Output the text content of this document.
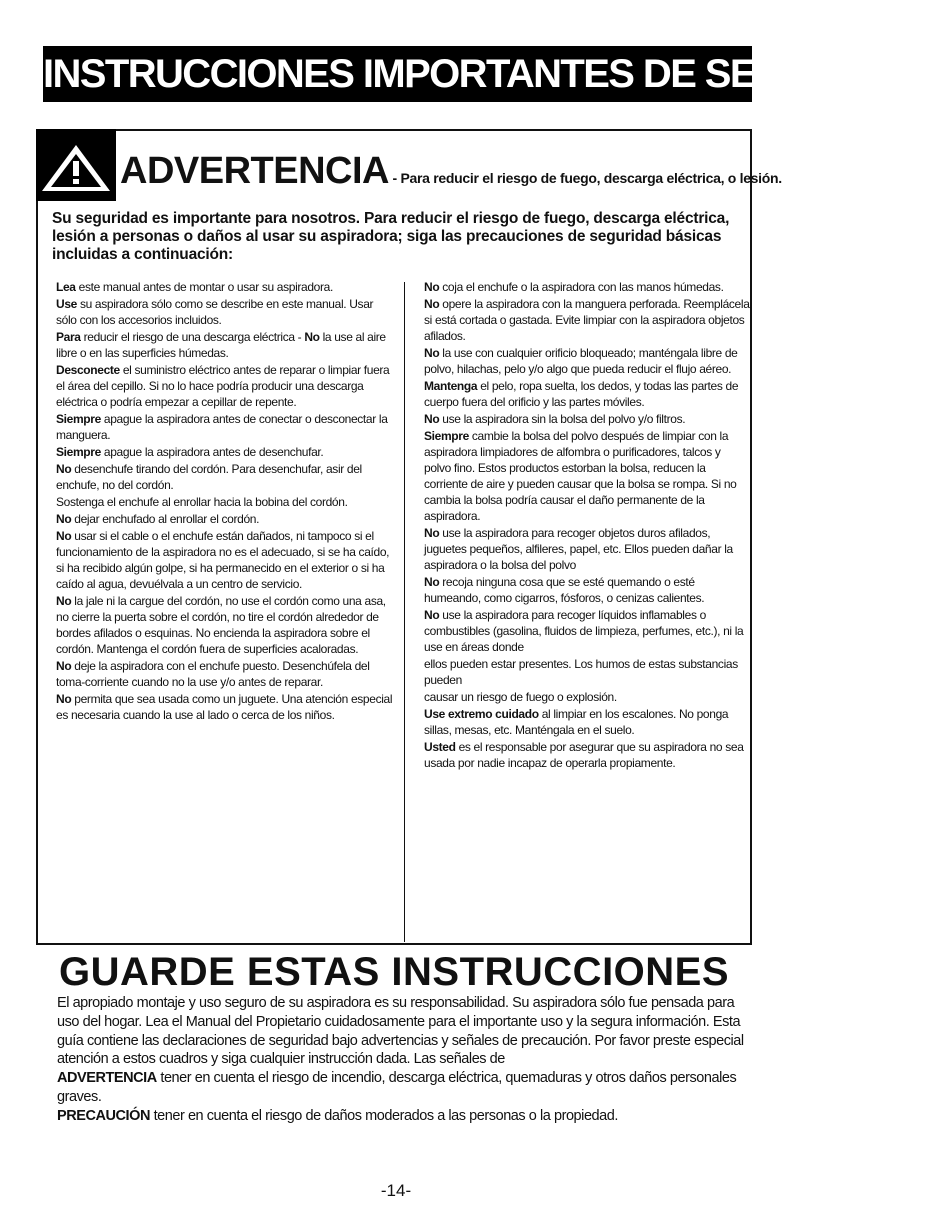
INSTRUCCIONES IMPORTANTES DE SEGURIDAD
ADVERTENCIA - Para reducir el riesgo de fuego, descarga eléctrica, o lesión.
Su seguridad es importante para nosotros. Para reducir el riesgo de fuego, descarga eléctrica, lesión a personas o daños al usar su aspiradora; siga las precauciones de seguridad básicas incluidas a continuación:

Lea este manual antes de montar o usar su aspiradora.

Use su aspiradora sólo como se describe en este manual. Usar sólo con los accesorios incluidos.

Para reducir el riesgo de una descarga eléctrica - No la use al aire libre o en las superficies húmedas.

Desconecte el suministro eléctrico antes de reparar o limpiar fuera el área del cepillo. Si no lo hace podría producir una descarga eléctrica o podría empezar a cepillar de repente.

Siempre apague la aspiradora antes de conectar o desconectar la manguera.

Siempre apague la aspiradora antes de desenchufar.

No desenchufe tirando del cordón. Para desenchufar, asir del enchufe, no del cordón.

Sostenga el enchufe al enrollar hacia la bobina del cordón.

No dejar enchufado al enrollar el cordón.

No usar si el cable o el enchufe están dañados, ni tampoco si el funcionamiento de la aspiradora no es el adecuado, si se ha caído, si ha recibido algún golpe, si ha permanecido en el exterior o si ha caído al agua, devuélvala a un centro de servicio.

No la jale ni la cargue del cordón, no use el cordón como una asa, no cierre la puerta sobre el cordón, no tire el cordón alrededor de bordes afilados o esquinas. No encienda la aspiradora sobre el cordón. Mantenga el cordón fuera de superficies acaloradas.

No deje la aspiradora con el enchufe puesto. Desenchúfela del toma-corriente cuando no la use y/o antes de reparar.

No permita que sea usada como un juguete. Una atención especial es necesaria cuando la use al lado o cerca de los niños.

No coja el enchufe o la aspiradora con las manos húmedas.

No opere la aspiradora con la manguera perforada. Reemplácela si está cortada o gastada. Evite limpiar con la aspiradora objetos afilados.

No la use con cualquier orificio bloqueado; manténgala libre de polvo, hilachas, pelo y/o algo que pueda reducir el flujo aéreo.

Mantenga el pelo, ropa suelta, los dedos, y todas las partes de cuerpo fuera del orificio y las partes móviles.

No use la aspiradora sin la bolsa del polvo y/o filtros.

Siempre cambie la bolsa del polvo después de limpiar con la aspiradora limpiadores de alfombra o purificadores, talcos y polvo fino. Estos productos estorban la bolsa, reducen la corriente de aire y pueden causar que la bolsa se rompa. Si no cambia la bolsa podría causar el daño permanente de la aspiradora.

No use la aspiradora para recoger objetos duros afilados, juguetes pequeños, alfileres, papel, etc. Ellos pueden dañar la aspiradora o la bolsa del polvo

No recoja ninguna cosa que se esté quemando o esté humeando, como cigarros, fósforos, o cenizas calientes.

No use la aspiradora para recoger líquidos inflamables o combustibles (gasolina, fluidos de limpieza, perfumes, etc.), ni la use en áreas donde

ellos pueden estar presentes. Los humos de estas substancias pueden

causar un riesgo de fuego o explosión.

Use extremo cuidado al limpiar en los escalones. No ponga sillas, mesas, etc. Manténgala en el suelo.

Usted es el responsable por asegurar que su aspiradora no sea usada por nadie incapaz de operarla propiamente.

GUARDE ESTAS INSTRUCCIONES

El apropiado montaje y uso seguro de su aspiradora es su responsabilidad. Su aspiradora sólo fue pensada para uso del hogar. Lea el Manual del Propietario cuidadosamente para el importante uso y la segura información. Esta guía contiene las declaraciones de seguridad bajo advertencias y señales de precaución. Por favor preste especial atención a estos cuadros y siga cualquier instrucción dada. Las señales de

ADVERTENCIA tener en cuenta el riesgo de incendio, descarga eléctrica, quemaduras y otros daños personales graves.

PRECAUCIÓN tener en cuenta el riesgo de daños moderados a las personas o la propiedad.

-14-
